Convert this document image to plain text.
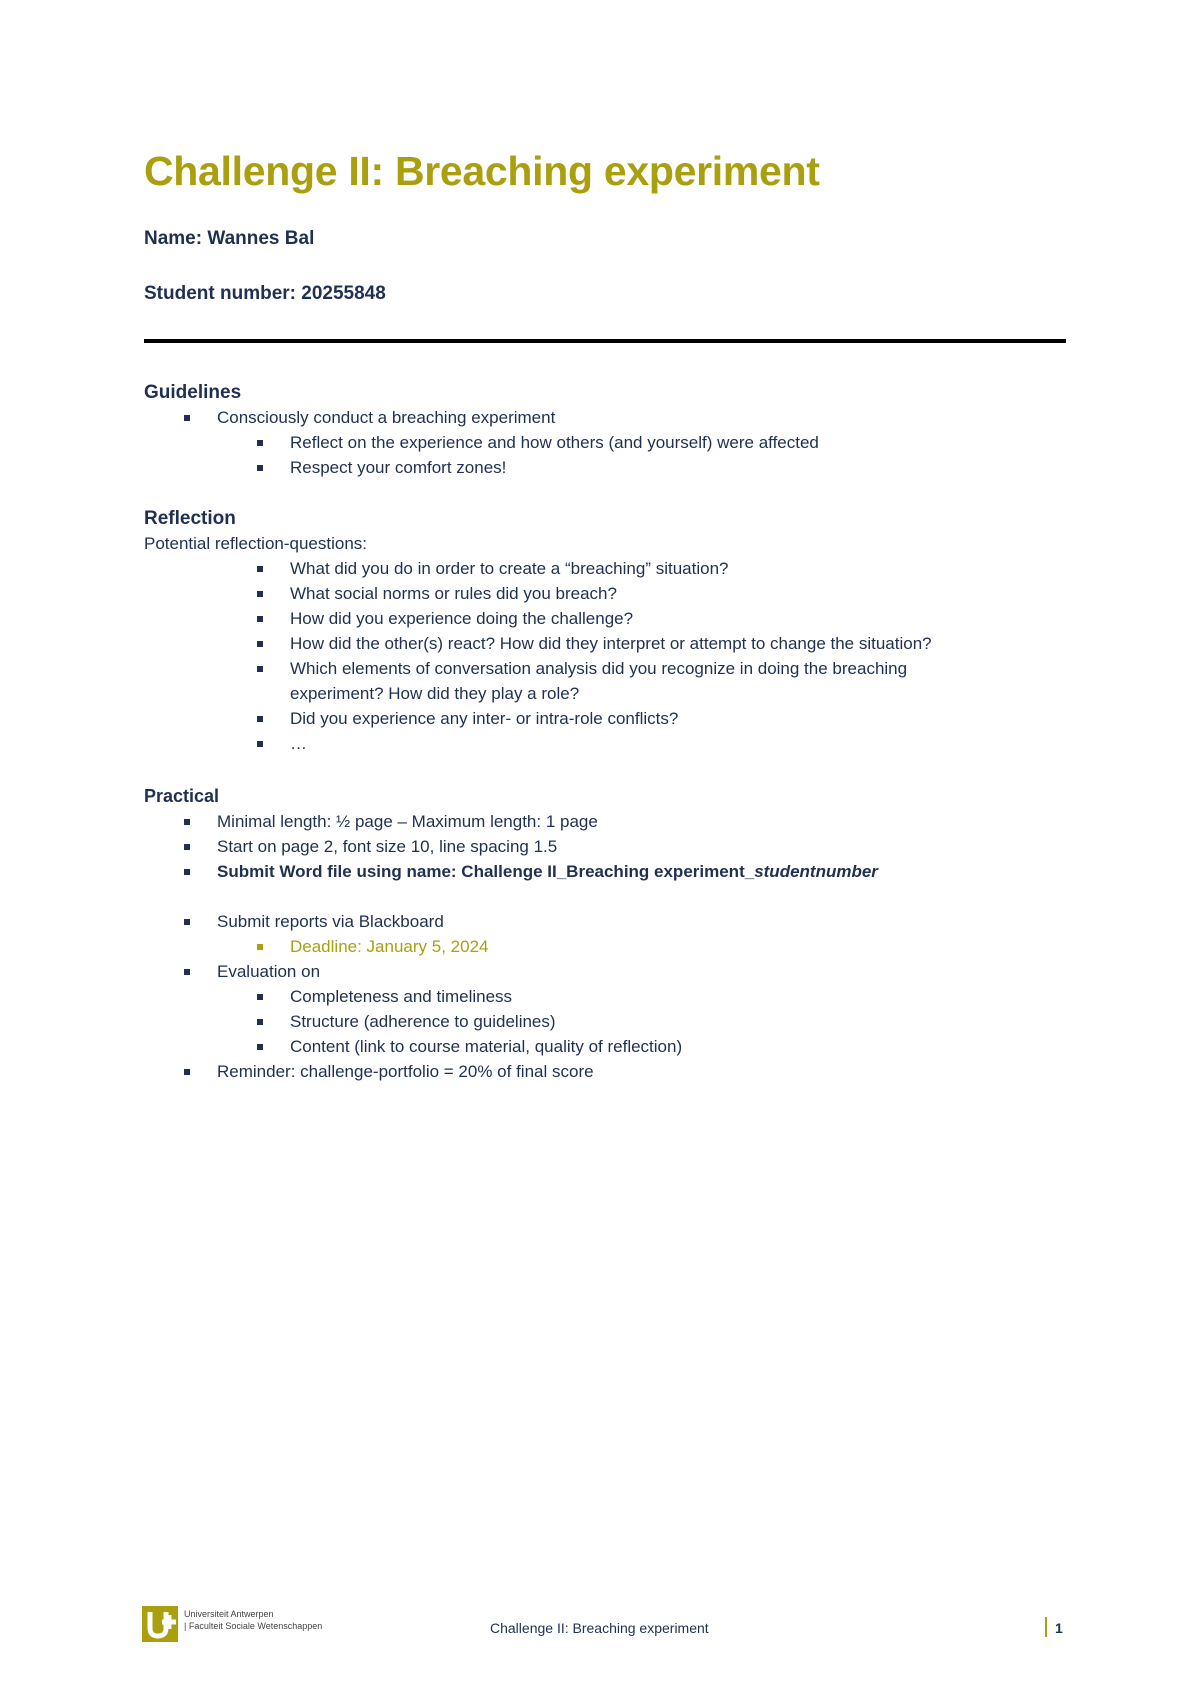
Challenge II: Breaching experiment
Name: Wannes Bal
Student number: 20255848
Guidelines
Consciously conduct a breaching experiment
Reflect on the experience and how others (and yourself) were affected
Respect your comfort zones!
Reflection

Potential reflection-questions:

What did you do in order to create a “breaching” situation?
What social norms or rules did you breach?
How did you experience doing the challenge?
How did the other(s) react? How did they interpret or attempt to change the situation?
Which elements of conversation analysis did you recognize in doing the breaching
experiment? How did they play a role?
Did you experience any inter- or intra-role conflicts?
…
Practical
Minimal length: ½ page – Maximum length: 1 page
Start on page 2, font size 10, line spacing 1.5
Submit Word file using name: Challenge II_Breaching experiment_studentnumber
Submit reports via Blackboard
Deadline: January 5, 2024
Evaluation on
Completeness and timeliness
Structure (adherence to guidelines)
Content (link to course material, quality of reflection)
Reminder: challenge-portfolio = 20% of final score
Universiteit Antwerpen
| Faculteit Sociale Wetenschappen	Challenge II: Breaching experiment	1
